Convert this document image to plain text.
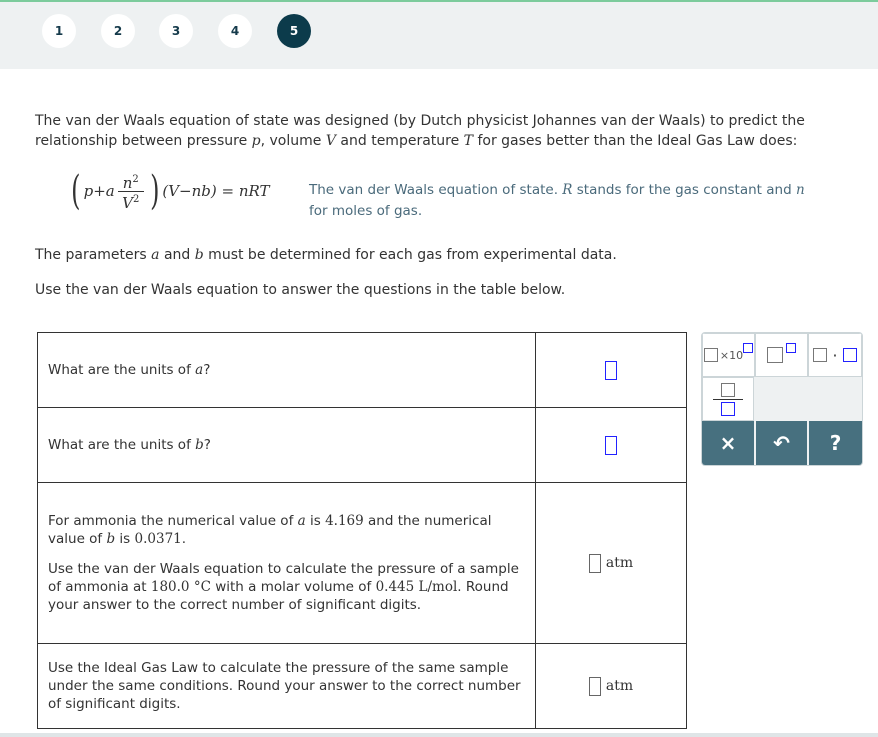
1	2	3	4	5
The van der Waals equation of state was designed (by Dutch physicist Johannes van der Waals) to predict the
relationship between pressure p, volume V and temperature T for gases better than the Ideal Gas Law does:
( $p+a \frac{n^2}{V^2}$ ) (V−nb) = nRT	The van der Waals equation of state. R stands for the gas constant and n
for moles of gas.
The parameters a and b must be determined for each gas from experimental data.
Use the van der Waals equation to answer the questions in the table below.
What are the units of a?	
What are the units of b?	

For ammonia the numerical value of a is 4.169 and the numerical value of b is 0.0371.
Use the van der Waals equation to calculate the pressure of a sample of ammonia at 180.0 °C with a molar volume of 0.445 L/mol. Round your answer to the correct number of significant digits.	atm
Use the Ideal Gas Law to calculate the pressure of the same sample under the same conditions. Round your answer to the correct number of significant digits.	atm
×10	·
×	↶	?
